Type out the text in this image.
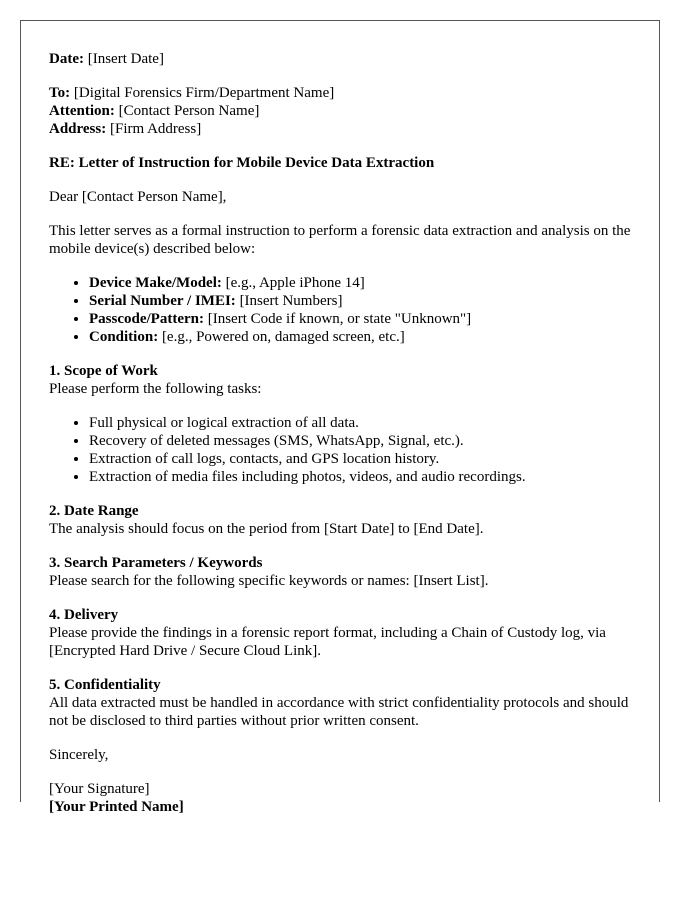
Date: [Insert Date]

To: [Digital Forensics Firm/Department Name]

Attention: [Contact Person Name]

Address: [Firm Address]

RE: Letter of Instruction for Mobile Device Data Extraction

Dear [Contact Person Name],

This letter serves as a formal instruction to perform a forensic data extraction and analysis on the mobile device(s) described below:

• Device Make/Model: [e.g., Apple iPhone 14]
• Serial Number / IMEI: [Insert Numbers]
• Passcode/Pattern: [Insert Code if known, or state "Unknown"]
• Condition: [e.g., Powered on, damaged screen, etc.]

1. Scope of Work

Please perform the following tasks:

• Full physical or logical extraction of all data.
• Recovery of deleted messages (SMS, WhatsApp, Signal, etc.).
• Extraction of call logs, contacts, and GPS location history.
• Extraction of media files including photos, videos, and audio recordings.

2. Date Range

The analysis should focus on the period from [Start Date] to [End Date].

3. Search Parameters / Keywords

Please search for the following specific keywords or names: [Insert List].

4. Delivery

Please provide the findings in a forensic report format, including a Chain of Custody log, via [Encrypted Hard Drive / Secure Cloud Link].

5. Confidentiality

All data extracted must be handled in accordance with strict confidentiality protocols and should not be disclosed to third parties without prior written consent.

Sincerely,

[Your Signature]

[Your Printed Name]
